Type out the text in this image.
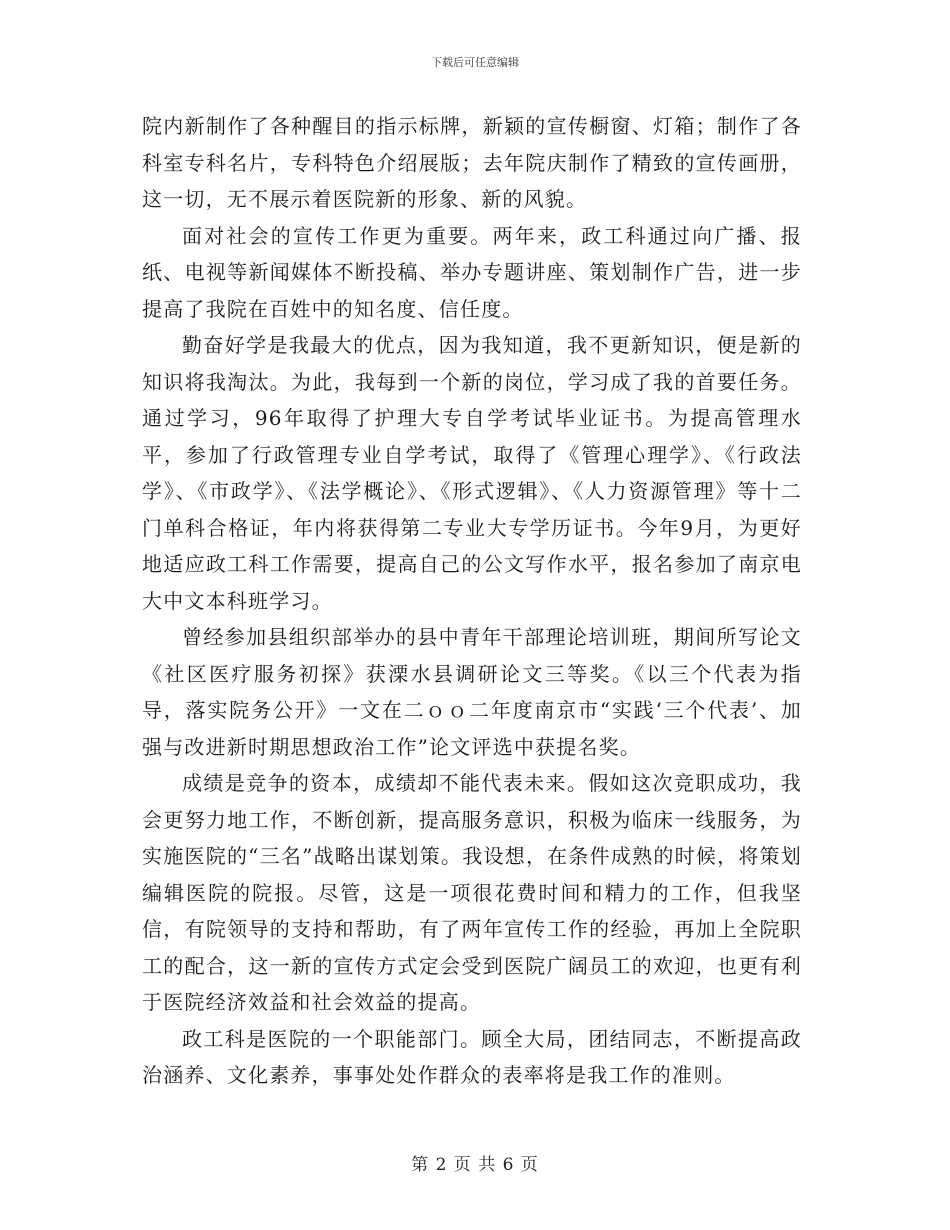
下载后可任意编辑

院内新制作了各种醒目的指示标牌，新颖的宣传橱窗、灯箱；制作了各科室专科名片，专科特色介绍展版；去年院庆制作了精致的宣传画册，这一切，无不展示着医院新的形象、新的风貌。

面对社会的宣传工作更为重要。两年来，政工科通过向广播、报纸、电视等新闻媒体不断投稿、举办专题讲座、策划制作广告，进一步提高了我院在百姓中的知名度、信任度。

勤奋好学是我最大的优点，因为我知道，我不更新知识，便是新的知识将我淘汰。为此，我每到一个新的岗位，学习成了我的首要任务。通过学习，96年取得了护理大专自学考试毕业证书。为提高管理水平，参加了行政管理专业自学考试，取得了《管理心理学》、《行政法学》、《市政学》、《法学概论》、《形式逻辑》、《人力资源管理》等十二门单科合格证，年内将获得第二专业大专学历证书。今年9月，为更好地适应政工科工作需要，提高自己的公文写作水平，报名参加了南京电大中文本科班学习。

曾经参加县组织部举办的县中青年干部理论培训班，期间所写论文《社区医疗服务初探》获溧水县调研论文三等奖。《以三个代表为指导，落实院务公开》一文在二ｏｏ二年度南京市“实践‘三个代表’、加强与改进新时期思想政治工作”论文评选中获提名奖。

成绩是竞争的资本，成绩却不能代表未来。假如这次竞职成功，我会更努力地工作，不断创新，提高服务意识，积极为临床一线服务，为实施医院的“三名”战略出谋划策。我设想，在条件成熟的时候，将策划编辑医院的院报。尽管，这是一项很花费时间和精力的工作，但我坚信，有院领导的支持和帮助，有了两年宣传工作的经验，再加上全院职工的配合，这一新的宣传方式定会受到医院广阔员工的欢迎，也更有利于医院经济效益和社会效益的提高。

政工科是医院的一个职能部门。顾全大局，团结同志，不断提高政治涵养、文化素养，事事处处作群众的表率将是我工作的准则。

第 2 页 共 6 页
